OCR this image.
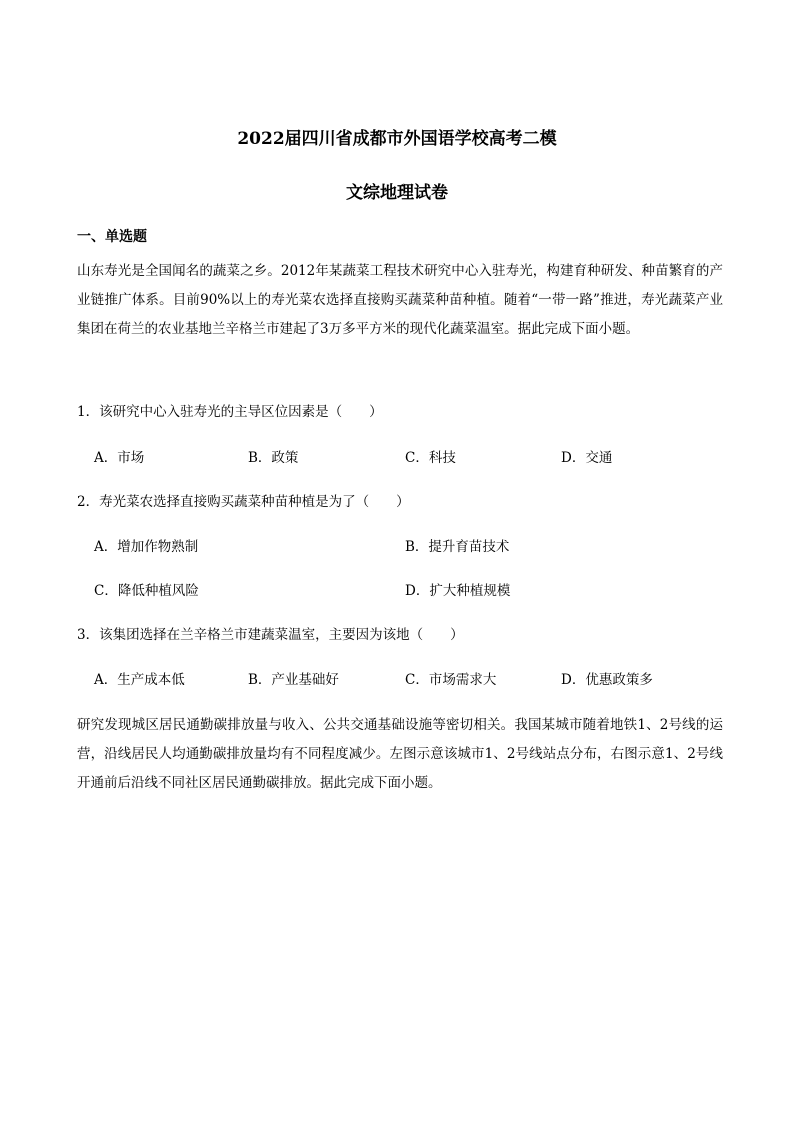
2022届四川省成都市外国语学校高考二模
文综地理试卷
一、单选题
山东寿光是全国闻名的蔬菜之乡。2012年某蔬菜工程技术研究中心入驻寿光，构建育种研发、种苗繁育的产业链推广体系。目前90%以上的寿光菜农选择直接购买蔬菜种苗种植。随着“一带一路”推进，寿光蔬菜产业集团在荷兰的农业基地兰辛格兰市建起了3万多平方米的现代化蔬菜温室。据此完成下面小题。
1．该研究中心入驻寿光的主导区位因素是（　　）
A．市场	B．政策	C．科技	D．交通
2．寿光菜农选择直接购买蔬菜种苗种植是为了（　　）
A．增加作物熟制	B．提升育苗技术
C．降低种植风险	D．扩大种植规模
3．该集团选择在兰辛格兰市建蔬菜温室，主要因为该地（　　）
A．生产成本低	B．产业基础好	C．市场需求大	D．优惠政策多
研究发现城区居民通勤碳排放量与收入、公共交通基础设施等密切相关。我国某城市随着地铁1、2号线的运营，沿线居民人均通勤碳排放量均有不同程度减少。左图示意该城市1、2号线站点分布，右图示意1、2号线开通前后沿线不同社区居民通勤碳排放。据此完成下面小题。
